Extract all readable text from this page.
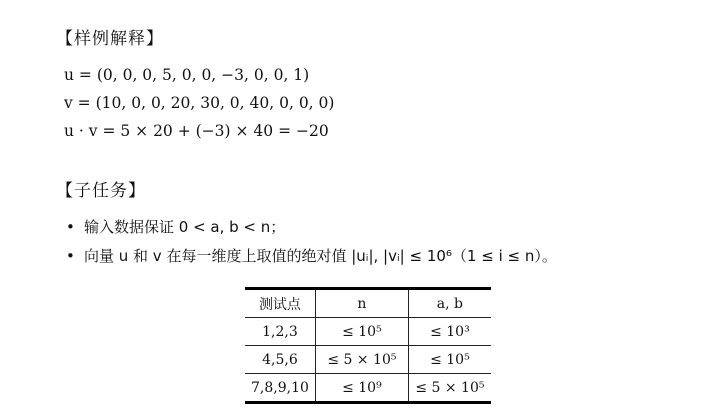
【样例解释】
u = (0, 0, 0, 5, 0, 0, −3, 0, 0, 1)
v = (10, 0, 0, 20, 30, 0, 40, 0, 0, 0)
u · v = 5 × 20 + (−3) × 40 = −20
【子任务】
• 输入数据保证 0 < a, b < n；
• 向量 u 和 v 在每一维度上取值的绝对值 |uᵢ|, |vᵢ| ≤ 10⁶（1 ≤ i ≤ n）。
测试点	n	a, b
1,2,3	≤ 10⁵	≤ 10³
4,5,6	≤ 5 × 10⁵	≤ 10⁵
7,8,9,10	≤ 10⁹	≤ 5 × 10⁵
